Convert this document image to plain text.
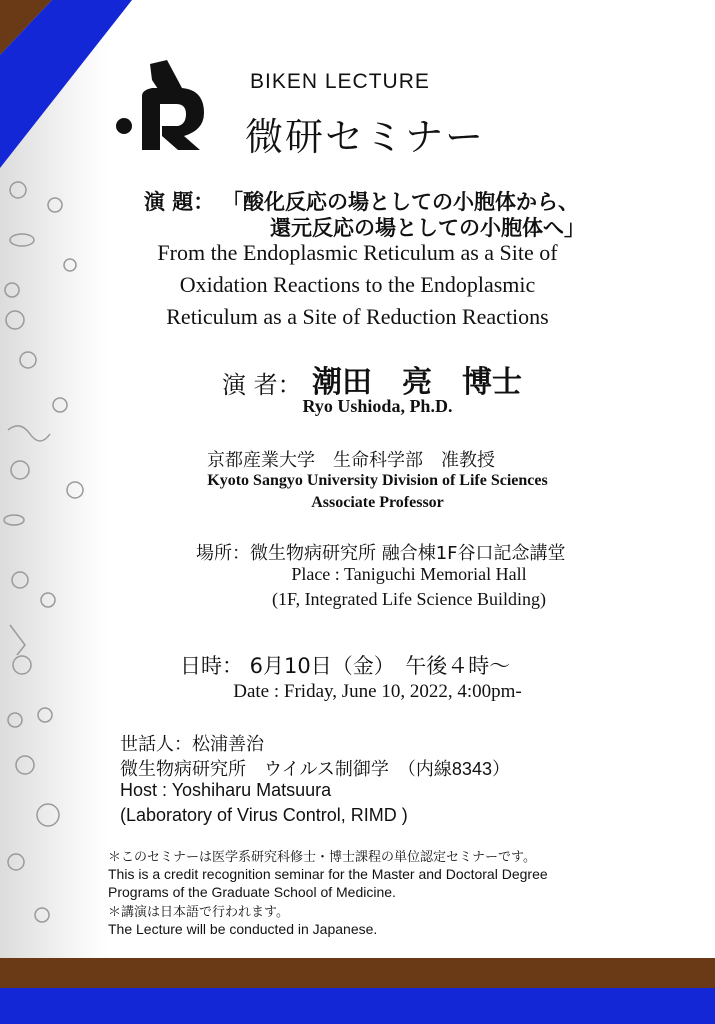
BIKEN LECTURE
微研セミナー
演 題： 「酸化反応の場としての小胞体から、
還元反応の場としての小胞体へ」
From the Endoplasmic Reticulum as a Site of
Oxidation Reactions to the Endoplasmic
Reticulum as a Site of Reduction Reactions
演 者： 潮田　亮　博士
Ryo Ushioda, Ph.D.
京都産業大学　生命科学部　准教授
Kyoto Sangyo University Division of Life Sciences
Associate Professor
場所：微生物病研究所 融合棟1F谷口記念講堂
Place : Taniguchi Memorial Hall
(1F, Integrated Life Science Building)
日時： 6月10日（金）　午後４時～
Date : Friday, June 10, 2022, 4:00pm-
世話人：松浦善治
微生物病研究所　ウイルス制御学　（内線8343）
Host : Yoshiharu Matsuura
(Laboratory of Virus Control, RIMD )
＊このセミナーは医学系研究科修士・博士課程の単位認定セミナーです。
This is a credit recognition seminar for the Master and Doctoral Degree
Programs of the Graduate School of Medicine.
＊講演は日本語で行われます。
The Lecture will be conducted in Japanese.
